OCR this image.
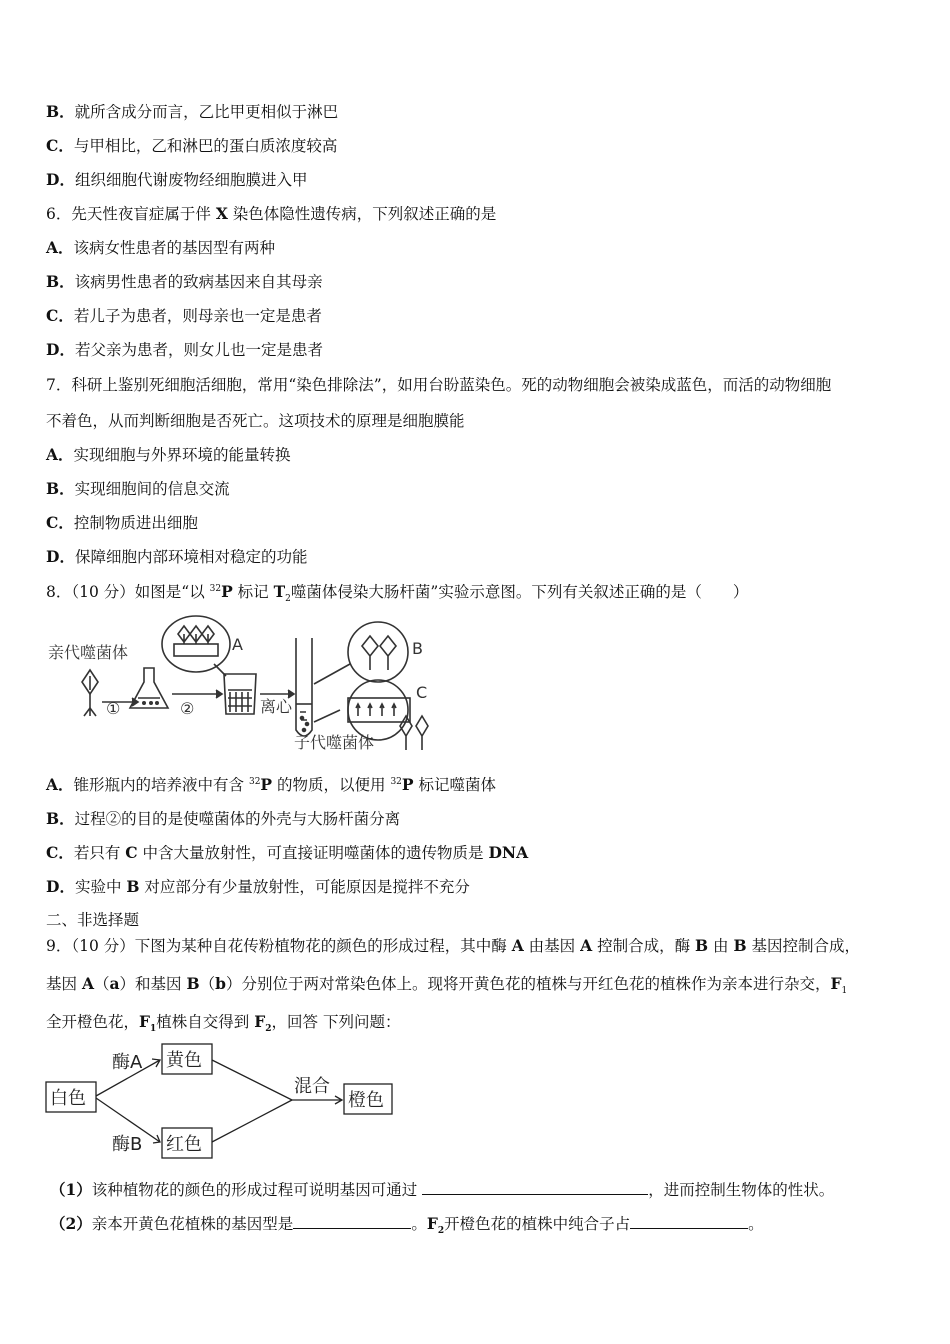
B．就所含成分而言，乙比甲更相似于淋巴
C．与甲相比，乙和淋巴的蛋白质浓度较高
D．组织细胞代谢废物经细胞膜进入甲
6．先天性夜盲症属于伴 X 染色体隐性遗传病，下列叙述正确的是
A．该病女性患者的基因型有两种
B．该病男性患者的致病基因来自其母亲
C．若儿子为患者，则母亲也一定是患者
D．若父亲为患者，则女儿也一定是患者
7．科研上鉴别死细胞活细胞，常用“染色排除法”，如用台盼蓝染色。死的动物细胞会被染成蓝色，而活的动物细胞
不着色，从而判断细胞是否死亡。这项技术的原理是细胞膜能
A．实现细胞与外界环境的能量转换
B．实现细胞间的信息交流
C．控制物质进出细胞
D．保障细胞内部环境相对稳定的功能
8．（10 分）如图是“以 $^{32}$P 标记 $T_2$噬菌体侵染大肠杆菌”实验示意图。下列有关叙述正确的是（　　）
亲代噬菌体
①	②
A
离心
B
C
子代噬菌体
A．锥形瓶内的培养液中有含 $^{32}$P 的物质，以便用 $^{32}$P 标记噬菌体
B．过程②的目的是使噬菌体的外壳与大肠杆菌分离
C．若只有 C 中含大量放射性，可直接证明噬菌体的遗传物质是 DNA
D．实验中 B 对应部分有少量放射性，可能原因是搅拌不充分
二、非选择题
9．（10 分）下图为某种自花传粉植物花的颜色的形成过程，其中酶 A 由基因 A 控制合成，酶 B 由 B 基因控制合成，
基因 A（a）和基因 B（b）分别位于两对常染色体上。现将开黄色花的植株与开红色花的植株作为亲本进行杂交，$F_1$
全开橙色花，$F_1$植株自交得到 $F_2$，回答 下列问题：
白色
黄色
红色
橙色
酶A
酶B
混合
（1）该种植物花的颜色的形成过程可说明基因可通过	，进而控制生物体的性状。
（2）亲本开黄色花植株的基因型是	。$F_2$开橙色花的植株中纯合子占	。
